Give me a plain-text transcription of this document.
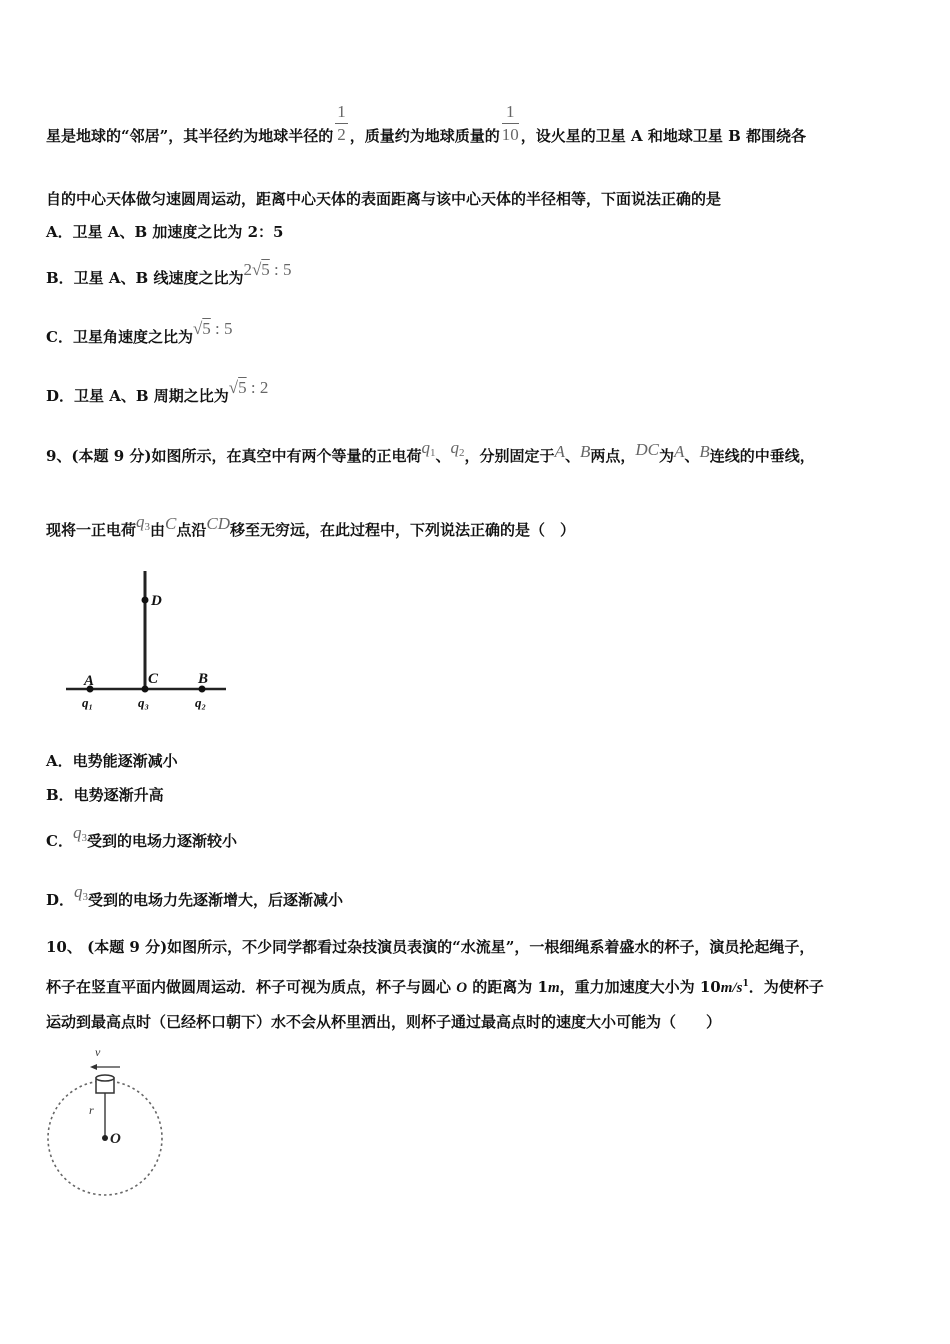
星是地球的“邻居”，其半径约为地球半径的 $\frac{1}{2}$ ，质量约为地球质量的 $\frac{1}{10}$ ，设火星的卫星 A 和地球卫星 B 都围绕各
自的中心天体做匀速圆周运动，距离中心天体的表面距离与该中心天体的半径相等，下面说法正确的是
A．卫星 A、B 加速度之比为 2：5
B．卫星 A、B 线速度之比为2√5 : 5
C．卫星角速度之比为√5 : 5
D．卫星 A、B 周期之比为√5 : 2
9、(本题 9 分)如图所示，在真空中有两个等量的正电荷$q_1$、$q_2$，分别固定于A、B两点，DC为A、B连线的中垂线，
现将一正电荷$q_3$由C点沿CD移至无穷远，在此过程中，下列说法正确的是（　）
D
A	C	B
q₁	q₃	q₂
A．电势能逐渐减小
B．电势逐渐升高
C．$q_3$受到的电场力逐渐较小
D．$q_3$受到的电场力先逐渐增大，后逐渐减小
10、 (本题 9 分)如图所示，不少同学都看过杂技演员表演的“水流星”，一根细绳系着盛水的杯子，演员抡起绳子，
杯子在竖直平面内做圆周运动．杯子可视为质点，杯子与圆心 O 的距离为 1m，重力加速度大小为 $10m/s^1$．为使杯子
运动到最高点时（已经杯口朝下）水不会从杯里洒出，则杯子通过最高点时的速度大小可能为（　　）
v
r
O
